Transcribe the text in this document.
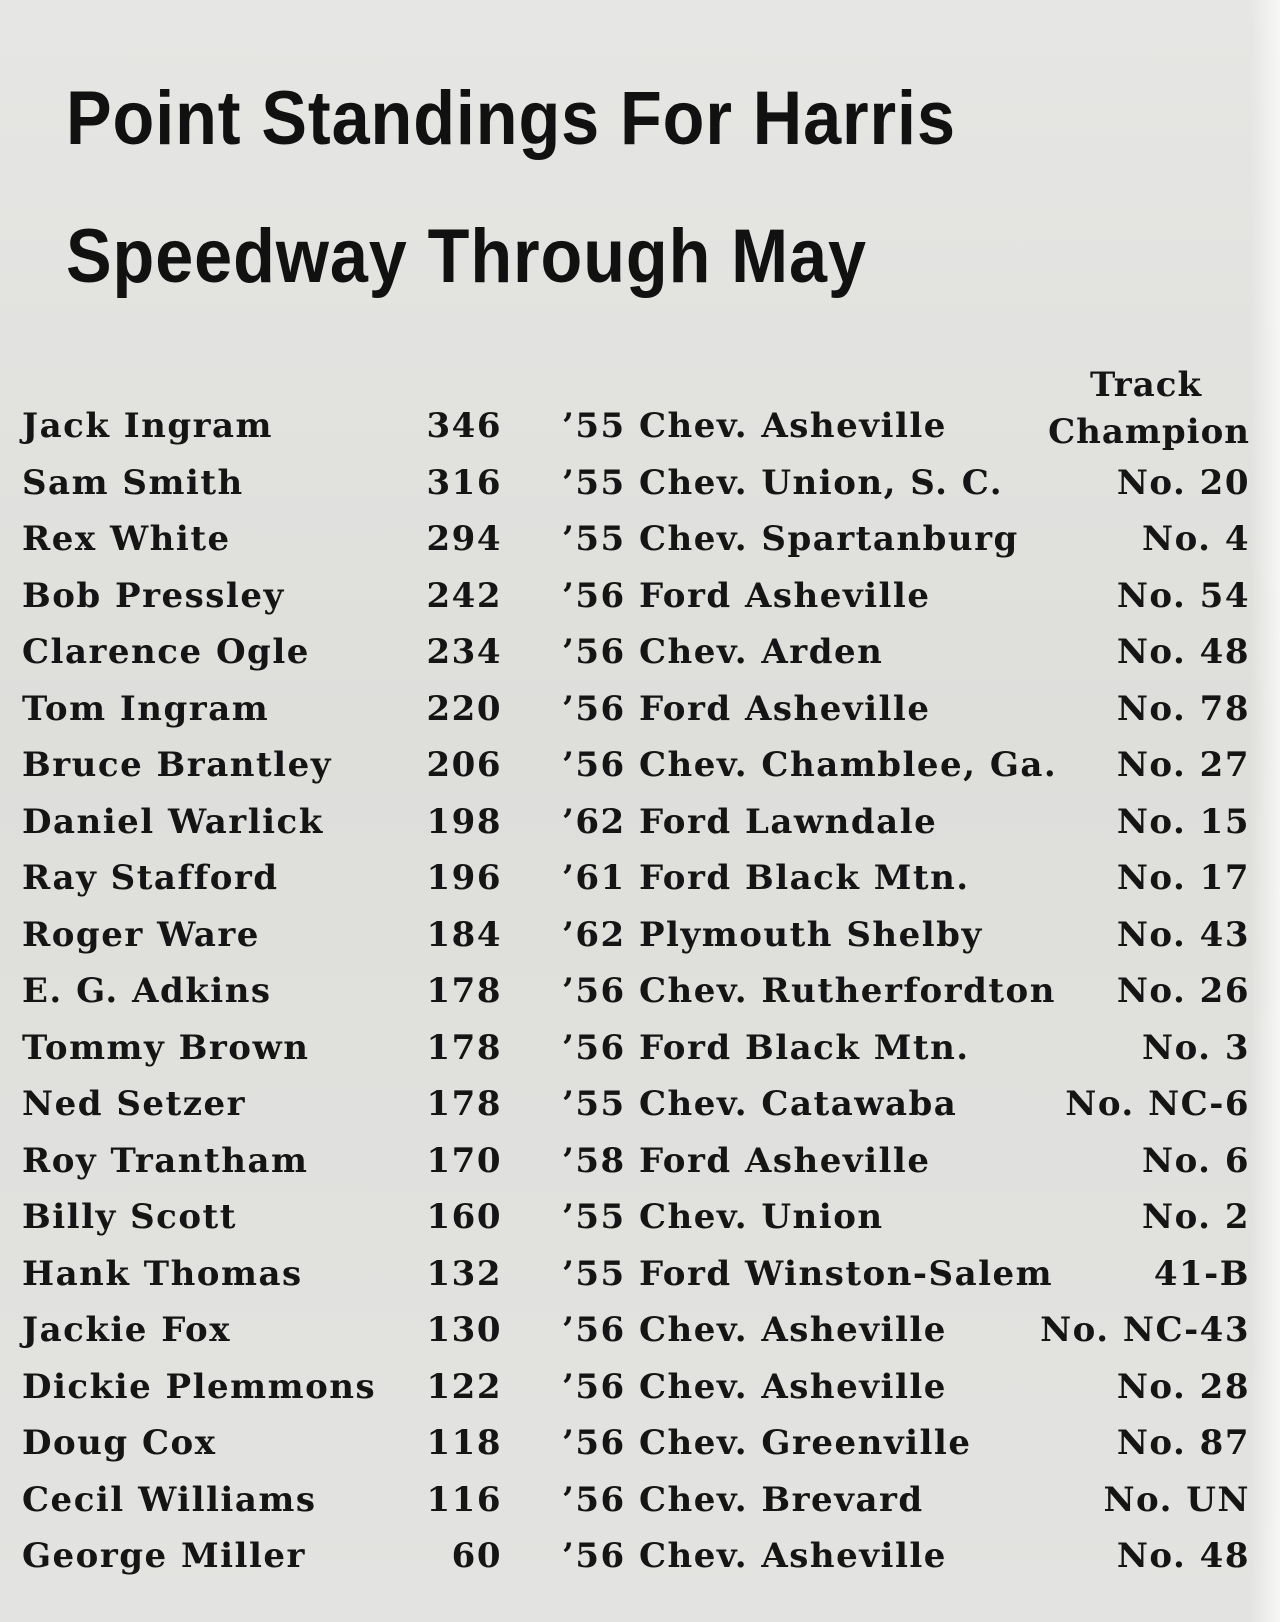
Point Standings For Harris
Speedway Through May
Track
Champion
Jack Ingram	346 ’55 Chev. Asheville
Sam Smith	316 ’55 Chev. Union, S. C.	No. 20
Rex White	294 ’55 Chev. Spartanburg	No. 4
Bob Pressley	242 ’56 Ford Asheville	No. 54
Clarence Ogle	234 ’56 Chev. Arden	No. 48
Tom Ingram	220 ’56 Ford Asheville	No. 78
Bruce Brantley	206 ’56 Chev. Chamblee, Ga. No. 27
Daniel Warlick	198 ’62 Ford Lawndale	No. 15
Ray Stafford	196 ’61 Ford Black Mtn.	No. 17
Roger Ware	184 ’62 Plymouth Shelby	No. 43
E. G. Adkins	178 ’56 Chev. Rutherfordton No. 26
Tommy Brown	178 ’56 Ford Black Mtn.	No. 3
Ned Setzer	178 ’55 Chev. Catawaba	No. NC-6
Roy Trantham	170 ’58 Ford Asheville	No. 6
Billy Scott	160 ’55 Chev. Union	No. 2
Hank Thomas	132 ’55 Ford Winston-Salem	41-B
Jackie Fox	130 ’56 Chev. Asheville	No. NC-43
Dickie Plemmons 122 ’56 Chev. Asheville	No. 28
Doug Cox	118 ’56 Chev. Greenville	No. 87
Cecil Williams	116 ’56 Chev. Brevard	No. UN
George Miller	60 ’56 Chev. Asheville	No. 48
